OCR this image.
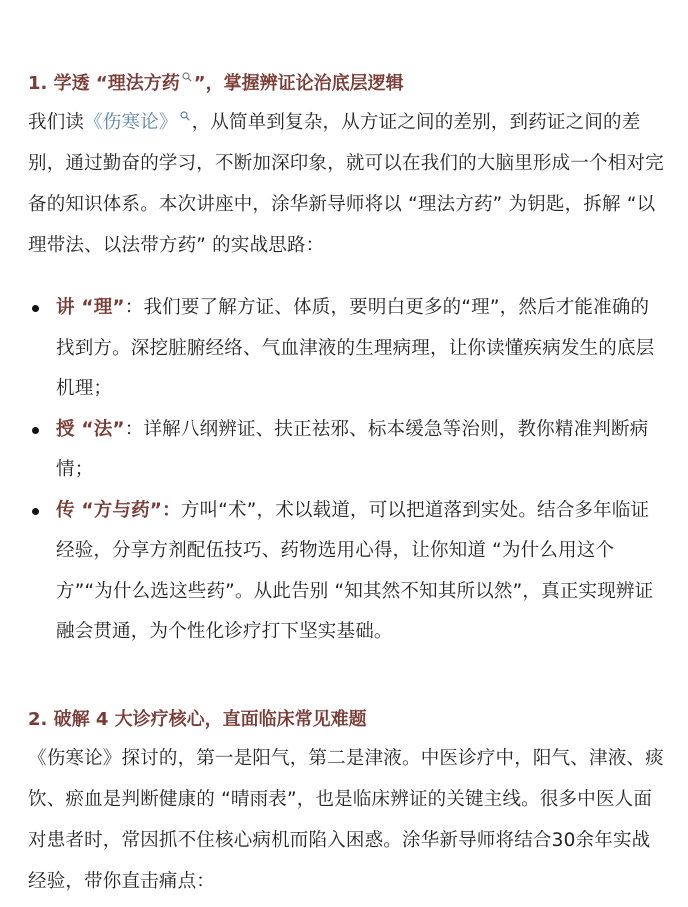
1. 学透 “理法方药 ”，掌握辨证论治底层逻辑

我们读《伤寒论》 ，从简单到复杂，从方证之间的差别，到药证之间的差别，通过勤奋的学习，不断加深印象，就可以在我们的大脑里形成一个相对完备的知识体系。本次讲座中，涂华新导师将以 “理法方药” 为钥匙，拆解 “以理带法、以法带方药” 的实战思路：

讲 “理”：我们要了解方证、体质，要明白更多的“理”，然后才能准确的找到方。深挖脏腑经络、气血津液的生理病理，让你读懂疾病发生的底层机理；
授 “法”：详解八纲辨证、扶正祛邪、标本缓急等治则，教你精准判断病情；
传 “方与药”：方叫“术”，术以载道，可以把道落到实处。结合多年临证经验，分享方剂配伍技巧、药物选用心得，让你知道 “为什么用这个方”“为什么选这些药”。从此告别 “知其然不知其所以然”，真正实现辨证融会贯通，为个性化诊疗打下坚实基础。
2. 破解 4 大诊疗核心，直面临床常见难题

《伤寒论》探讨的，第一是阳气，第二是津液。中医诊疗中，阳气、津液、痰饮、瘀血是判断健康的 “晴雨表”，也是临床辨证的关键主线。很多中医人面对患者时，常因抓不住核心病机而陷入困惑。涂华新导师将结合30余年实战经验，带你直击痛点：
